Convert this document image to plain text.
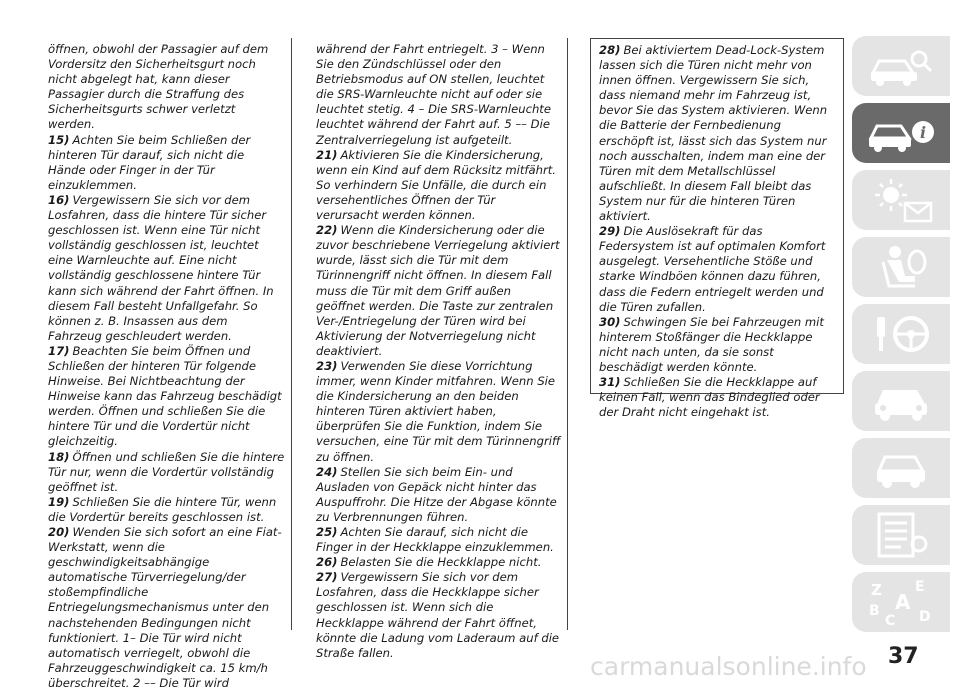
öffnen, obwohl der Passagier auf dem Vordersitz den Sicherheitsgurt noch nicht abgelegt hat, kann dieser Passagier durch die Straffung des Sicherheitsgurts schwer verletzt werden.

15) Achten Sie beim Schließen der hinteren Tür darauf, sich nicht die Hände oder Finger in der Tür einzuklemmen.

16) Vergewissern Sie sich vor dem Losfahren, dass die hintere Tür sicher geschlossen ist. Wenn eine Tür nicht vollständig geschlossen ist, leuchtet eine Warnleuchte auf. Eine nicht vollständig geschlossene hintere Tür kann sich während der Fahrt öffnen. In diesem Fall besteht Unfallgefahr. So können z. B. Insassen aus dem Fahrzeug geschleudert werden.

17) Beachten Sie beim Öffnen und Schließen der hinteren Tür folgende Hinweise. Bei Nichtbeachtung der Hinweise kann das Fahrzeug beschädigt werden. Öffnen und schließen Sie die hintere Tür und die Vordertür nicht gleichzeitig.

18) Öffnen und schließen Sie die hintere Tür nur, wenn die Vordertür vollständig geöffnet ist.

19) Schließen Sie die hintere Tür, wenn die Vordertür bereits geschlossen ist.

20) Wenden Sie sich sofort an eine Fiat-Werkstatt, wenn die geschwindigkeitsabhängige automatische Türverriegelung/der stoßempfindliche Entriegelungsmechanismus unter den nachstehenden Bedingungen nicht funktioniert. 1– Die Tür wird nicht automatisch verriegelt, obwohl die Fahrzeuggeschwindigkeit ca. 15 km/h überschreitet. 2 –– Die Tür wird

während der Fahrt entriegelt. 3 – Wenn Sie den Zündschlüssel oder den Betriebsmodus auf ON stellen, leuchtet die SRS-Warnleuchte nicht auf oder sie leuchtet stetig. 4 – Die SRS-Warnleuchte leuchtet während der Fahrt auf. 5 –– Die Zentralverriegelung ist aufgeteilt.

21) Aktivieren Sie die Kindersicherung, wenn ein Kind auf dem Rücksitz mitfährt. So verhindern Sie Unfälle, die durch ein versehentliches Öffnen der Tür verursacht werden können.

22) Wenn die Kindersicherung oder die zuvor beschriebene Verriegelung aktiviert wurde, lässt sich die Tür mit dem Türinnengriff nicht öffnen. In diesem Fall muss die Tür mit dem Griff außen geöffnet werden. Die Taste zur zentralen Ver-/Entriegelung der Türen wird bei Aktivierung der Notverriegelung nicht deaktiviert.

23) Verwenden Sie diese Vorrichtung immer, wenn Kinder mitfahren. Wenn Sie die Kindersicherung an den beiden hinteren Türen aktiviert haben, überprüfen Sie die Funktion, indem Sie versuchen, eine Tür mit dem Türinnengriff zu öffnen.

24) Stellen Sie sich beim Ein- und Ausladen von Gepäck nicht hinter das Auspuffrohr. Die Hitze der Abgase könnte zu Verbrennungen führen.

25) Achten Sie darauf, sich nicht die Finger in der Heckklappe einzuklemmen.

26) Belasten Sie die Heckklappe nicht.

27) Vergewissern Sie sich vor dem Losfahren, dass die Heckklappe sicher geschlossen ist. Wenn sich die Heckklappe während der Fahrt öffnet, könnte die Ladung vom Laderaum auf die Straße fallen.

28) Bei aktiviertem Dead-Lock-System lassen sich die Türen nicht mehr von innen öffnen. Vergewissern Sie sich, dass niemand mehr im Fahrzeug ist, bevor Sie das System aktivieren. Wenn die Batterie der Fernbedienung erschöpft ist, lässt sich das System nur noch ausschalten, indem man eine der Türen mit dem Metallschlüssel aufschließt. In diesem Fall bleibt das System nur für die hinteren Türen aktiviert.

29) Die Auslösekraft für das Federsystem ist auf optimalen Komfort ausgelegt. Versehentliche Stöße und starke Windböen können dazu führen, dass die Federn entriegelt werden und die Türen zufallen.

30) Schwingen Sie bei Fahrzeugen mit hinterem Stoßfänger die Heckklappe nicht nach unten, da sie sonst beschädigt werden könnte.

31) Schließen Sie die Heckklappe auf keinen Fall, wenn das Bindeglied oder der Draht nicht eingehakt ist.

i
Z E
A
B
C D
carmanualsonline.info 37
